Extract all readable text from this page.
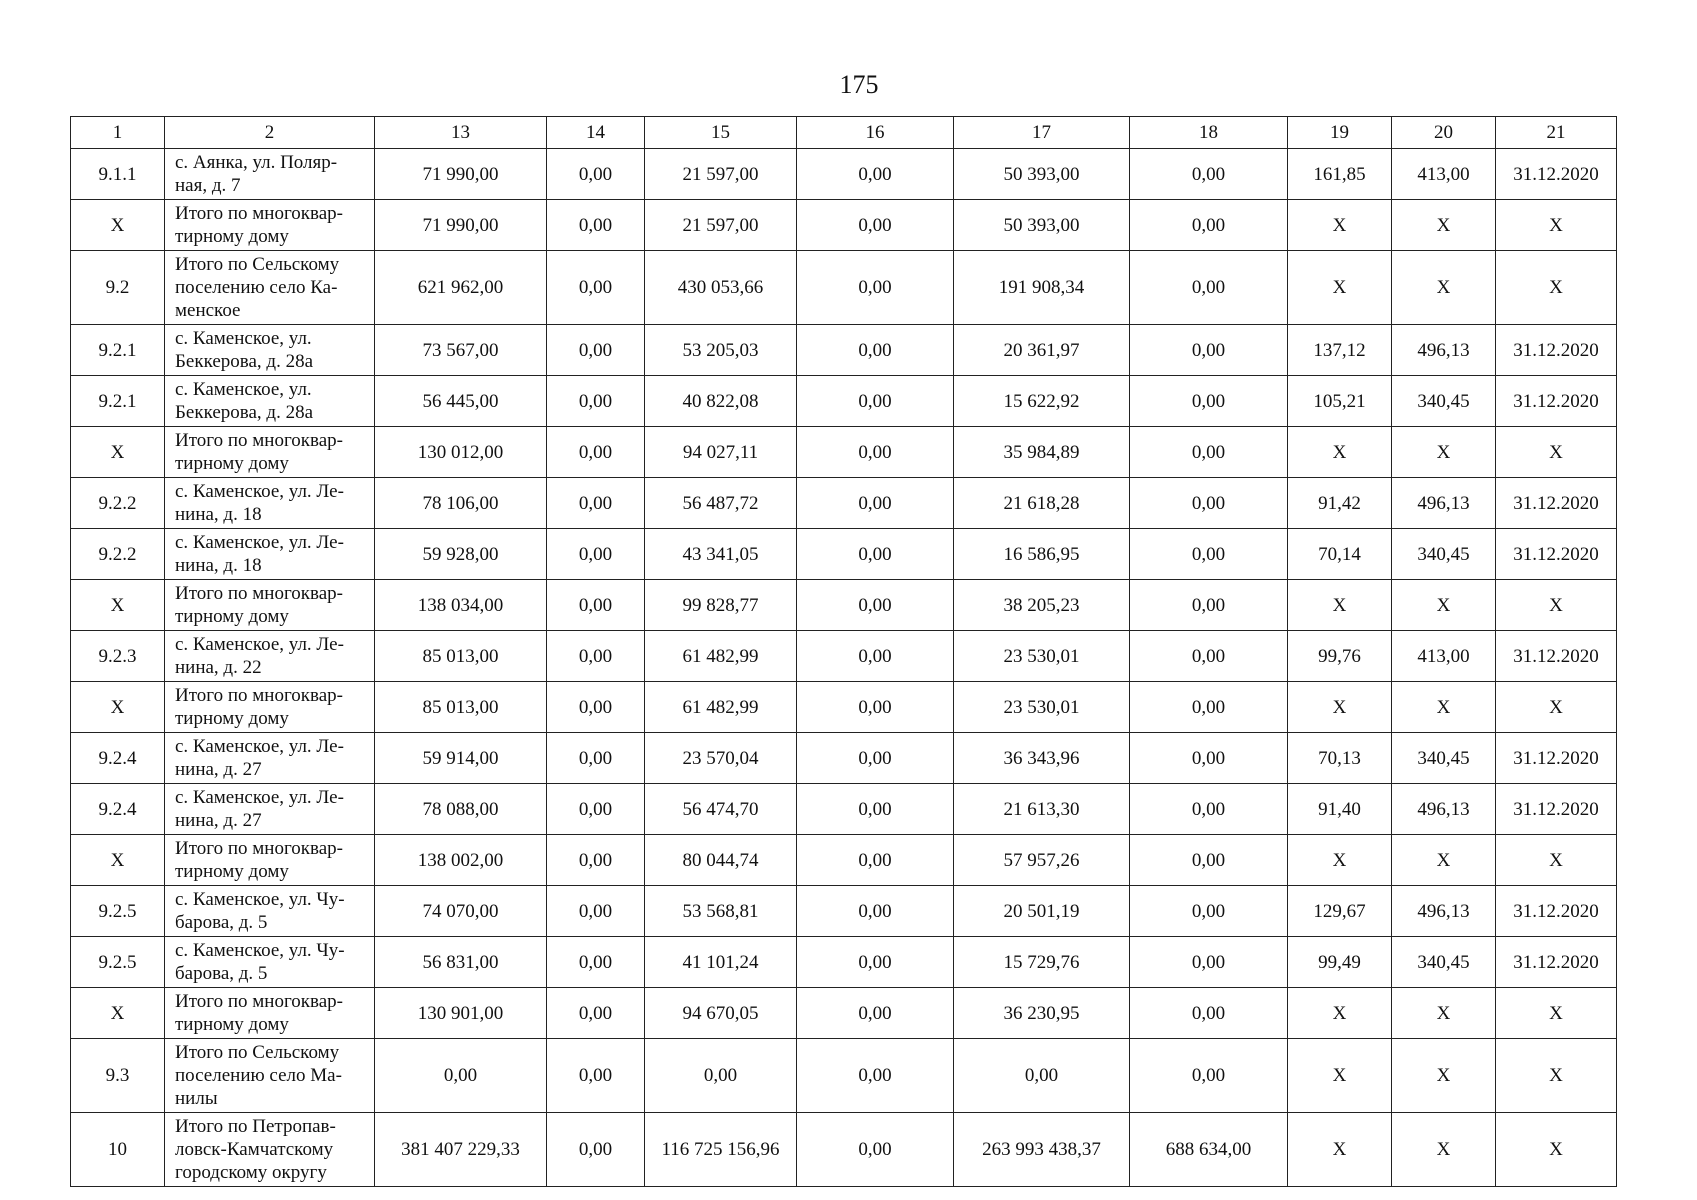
175
1	2	13	14	15	16	17	18	19	20	21
9.1.1	с. Аянка, ул. Поляр-
ная, д. 7	71 990,00	0,00	21 597,00	0,00	50 393,00	0,00	161,85	413,00	31.12.2020
X	Итого по многоквар-
тирному дому	71 990,00	0,00	21 597,00	0,00	50 393,00	0,00	X	X	X
9.2	Итого по Сельскому
поселению село Ка-
менское	621 962,00	0,00	430 053,66	0,00	191 908,34	0,00	X	X	X
9.2.1	с. Каменское, ул.
Беккерова, д. 28а	73 567,00	0,00	53 205,03	0,00	20 361,97	0,00	137,12	496,13	31.12.2020
9.2.1	с. Каменское, ул.
Беккерова, д. 28а	56 445,00	0,00	40 822,08	0,00	15 622,92	0,00	105,21	340,45	31.12.2020
X	Итого по многоквар-
тирному дому	130 012,00	0,00	94 027,11	0,00	35 984,89	0,00	X	X	X
9.2.2	с. Каменское, ул. Ле-
нина, д. 18	78 106,00	0,00	56 487,72	0,00	21 618,28	0,00	91,42	496,13	31.12.2020
9.2.2	с. Каменское, ул. Ле-
нина, д. 18	59 928,00	0,00	43 341,05	0,00	16 586,95	0,00	70,14	340,45	31.12.2020
X	Итого по многоквар-
тирному дому	138 034,00	0,00	99 828,77	0,00	38 205,23	0,00	X	X	X
9.2.3	с. Каменское, ул. Ле-
нина, д. 22	85 013,00	0,00	61 482,99	0,00	23 530,01	0,00	99,76	413,00	31.12.2020
X	Итого по многоквар-
тирному дому	85 013,00	0,00	61 482,99	0,00	23 530,01	0,00	X	X	X
9.2.4	с. Каменское, ул. Ле-
нина, д. 27	59 914,00	0,00	23 570,04	0,00	36 343,96	0,00	70,13	340,45	31.12.2020
9.2.4	с. Каменское, ул. Ле-
нина, д. 27	78 088,00	0,00	56 474,70	0,00	21 613,30	0,00	91,40	496,13	31.12.2020
X	Итого по многоквар-
тирному дому	138 002,00	0,00	80 044,74	0,00	57 957,26	0,00	X	X	X
9.2.5	с. Каменское, ул. Чу-
барова, д. 5	74 070,00	0,00	53 568,81	0,00	20 501,19	0,00	129,67	496,13	31.12.2020
9.2.5	с. Каменское, ул. Чу-
барова, д. 5	56 831,00	0,00	41 101,24	0,00	15 729,76	0,00	99,49	340,45	31.12.2020
X	Итого по многоквар-
тирному дому	130 901,00	0,00	94 670,05	0,00	36 230,95	0,00	X	X	X
9.3	Итого по Сельскому
поселению село Ма-
нилы	0,00	0,00	0,00	0,00	0,00	0,00	X	X	X
10	Итого по Петропав-
ловск-Камчатскому
городскому округу	381 407 229,33	0,00	116 725 156,96	0,00	263 993 438,37	688 634,00	X	X	X
